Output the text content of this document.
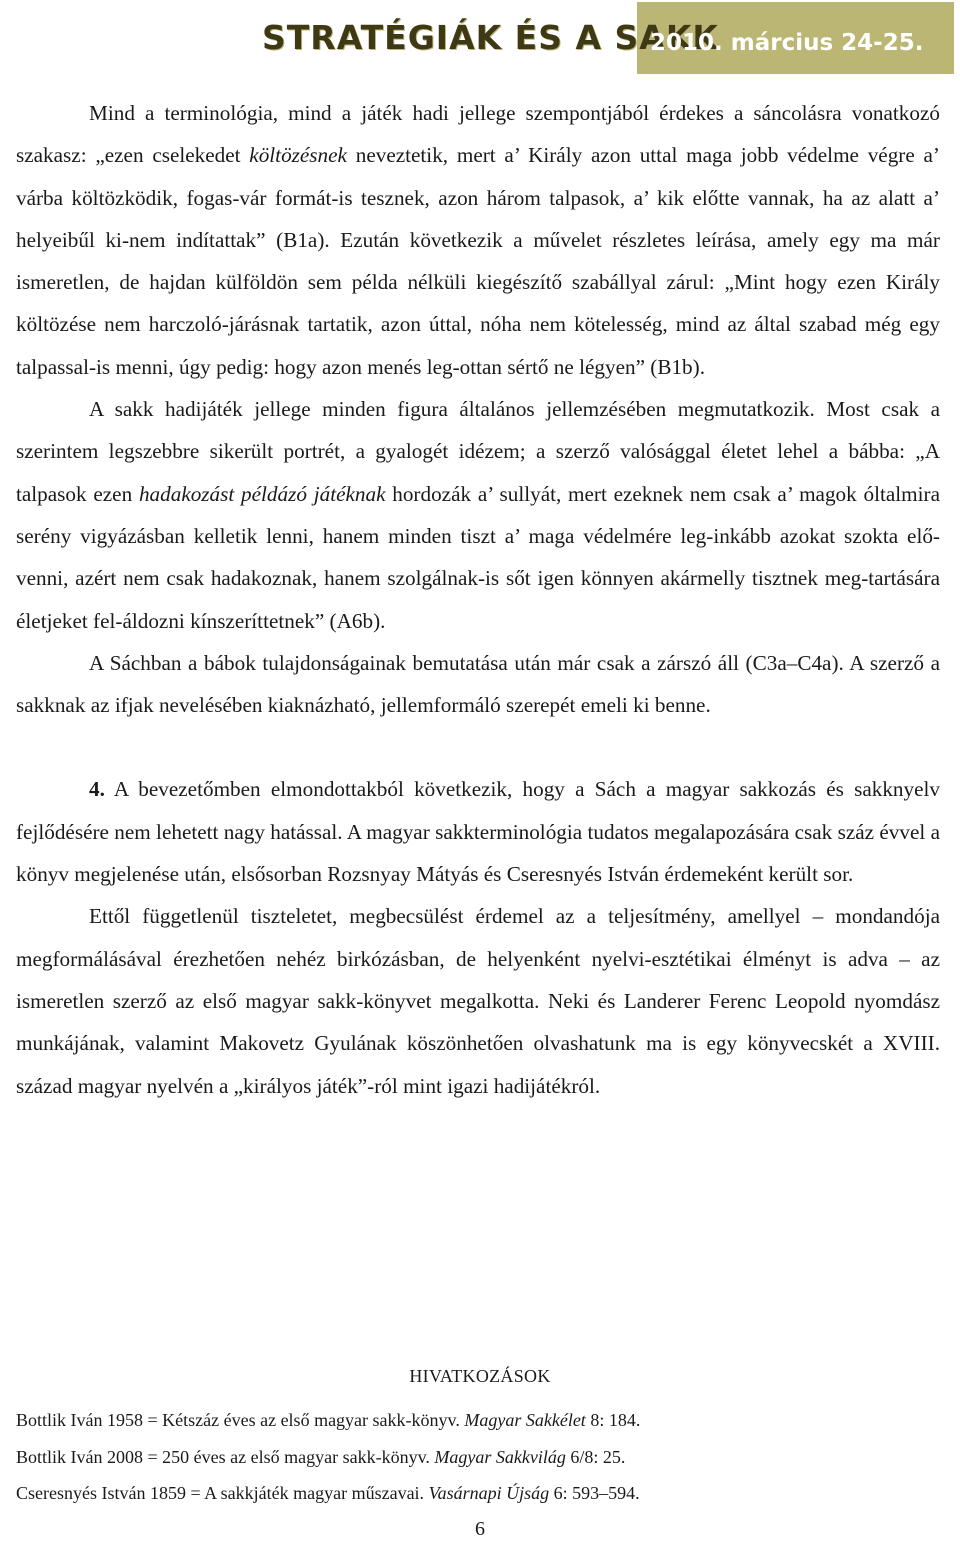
STRATÉGIÁK ÉS A SAKK
2010. március 24-25.

Mind a terminológia, mind a játék hadi jellege szempontjából érdekes a sáncolásra vonatkozó szakasz: „ezen cselekedet költözésnek neveztetik, mert a’ Király azon uttal maga jobb védelme végre a’ várba költözködik, fogas-vár formát-is tesznek, azon három talpasok, a’ kik előtte vannak, ha az alatt a’ helyeibűl ki-nem indítattak” (B1a). Ezután következik a művelet részletes leírása, amely egy ma már ismeretlen, de hajdan külföldön sem példa nélküli kiegészítő szabállyal zárul: „Mint hogy ezen Király költözése nem harczoló-járásnak tartatik, azon úttal, nóha nem kötelesség, mind az által szabad még egy talpassal-is menni, úgy pedig: hogy azon menés leg-ottan sértő ne légyen” (B1b).

A sakk hadijáték jellege minden figura általános jellemzésében megmutatkozik. Most csak a szerintem legszebbre sikerült portrét, a gyalogét idézem; a szerző valósággal életet lehel a bábba: „A talpasok ezen hadakozást példázó játéknak hordozák a’ sullyát, mert ezeknek nem csak a’ magok óltalmira serény vigyázásban kelletik lenni, hanem minden tiszt a’ maga védelmére leg-inkább azokat szokta elő-venni, azért nem csak hadakoznak, hanem szolgálnak-is sőt igen könnyen akármelly tisztnek meg-tartására életjeket fel-áldozni kínszeríttetnek” (A6b).

A Sáchban a bábok tulajdonságainak bemutatása után már csak a zárszó áll (C3a–C4a). A szerző a sakknak az ifjak nevelésében kiaknázható, jellemformáló szerepét emeli ki benne.

4. A bevezetőmben elmondottakból következik, hogy a Sách a magyar sakkozás és sakknyelv fejlődésére nem lehetett nagy hatással. A magyar sakkterminológia tudatos megalapozására csak száz évvel a könyv megjelenése után, elsősorban Rozsnyay Mátyás és Cseresnyés István érdemeként került sor.

Ettől függetlenül tiszteletet, megbecsülést érdemel az a teljesítmény, amellyel – mondandója megformálásával érezhetően nehéz birkózásban, de helyenként nyelvi-esztétikai élményt is adva – az ismeretlen szerző az első magyar sakk-könyvet megalkotta. Neki és Landerer Ferenc Leopold nyomdász munkájának, valamint Makovetz Gyulának köszönhetően olvashatunk ma is egy könyvecskét a XVIII. század magyar nyelvén a „királyos játék”-ról mint igazi hadijátékról.

HIVATKOZÁSOK
Bottlik Iván 1958 = Kétszáz éves az első magyar sakk-könyv. Magyar Sakkélet 8: 184.
Bottlik Iván 2008 = 250 éves az első magyar sakk-könyv. Magyar Sakkvilág 6/8: 25.
Cseresnyés István 1859 = A sakkjáték magyar műszavai. Vasárnapi Újság 6: 593–594.
6
